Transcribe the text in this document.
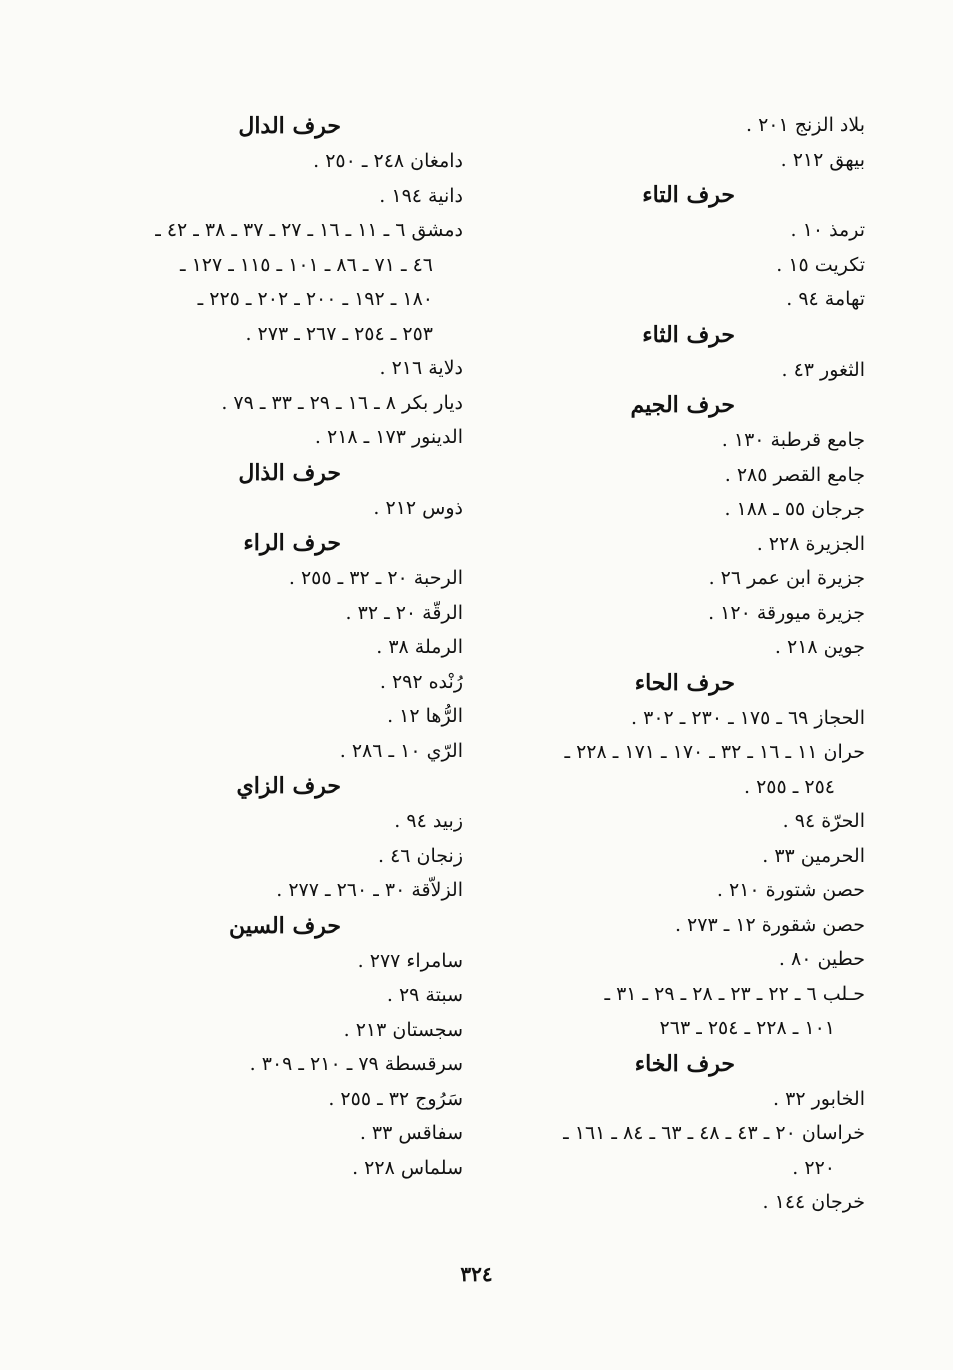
بلاد الزنج ٢٠١ .
بيهق ٢١٢ .
حرف التاء
ترمذ ١٠ .
تكريت ١٥ .
تهامة ٩٤ .
حرف الثاء
الثغور ٤٣ .
حرف الجيم
جامع قرطبة ١٣٠ .
جامع القصر ٢٨٥ .
جرجان ٥٥ ـ ١٨٨ .
الجزيرة ٢٢٨ .
جزيرة ابن عمر ٢٦ .
جزيرة ميورقة ١٢٠ .
جوين ٢١٨ .
حرف الحاء
الحجاز ٦٩ ـ ١٧٥ ـ ٢٣٠ ـ ٣٠٢ .
حران ١١ ـ ١٦ ـ ٣٢ ـ ١٧٠ ـ ١٧١ ـ ٢٢٨ ـ
٢٥٤ ـ ٢٥٥ .
الحرّة ٩٤ .
الحرمين ٣٣ .
حصن شتورة ٢١٠ .
حصن شقورة ١٢ ـ ٢٧٣ .
حطين ٨٠ .
حـلب ٦ ـ ٢٢ ـ ٢٣ ـ ٢٨ ـ ٢٩ ـ ٣١ ـ
١٠١ ـ ٢٢٨ ـ ٢٥٤ ـ ٢٦٣
حرف الخاء
الخابور ٣٢ .
خراسان ٢٠ ـ ٤٣ ـ ٤٨ ـ ٦٣ ـ ٨٤ ـ ١٦١ ـ
٢٢٠ .
خرجان ١٤٤ .
حرف الدال
دامغان ٢٤٨ ـ ٢٥٠ .
دانية ١٩٤ .
دمشق ٦ ـ ١١ ـ ١٦ ـ ٢٧ ـ ٣٧ ـ ٣٨ ـ ٤٢ ـ
٤٦ ـ ٧١ ـ ٨٦ ـ ١٠١ ـ ١١٥ ـ ١٢٧ ـ
١٨٠ ـ ١٩٢ ـ ٢٠٠ ـ ٢٠٢ ـ ٢٢٥ ـ
٢٥٣ ـ ٢٥٤ ـ ٢٦٧ ـ ٢٧٣ .
دلاية ٢١٦ .
ديار بكر ٨ ـ ١٦ ـ ٢٩ ـ ٣٣ ـ ٧٩ .
الدينور ١٧٣ ـ ٢١٨ .
حرف الذال
ذوس ٢١٢ .
حرف الراء
الرحبة ٢٠ ـ ٣٢ ـ ٢٥٥ .
الرقّة ٢٠ ـ ٣٢ .
الرملة ٣٨ .
رُنْده ٢٩٢ .
الرُّها ١٢ .
الرّي ١٠ ـ ٢٨٦ .
حرف الزاي
زبيد ٩٤ .
زنجان ٤٦ .
الزلاّقة ٣٠ ـ ٢٦٠ ـ ٢٧٧ .
حرف السين
سامراء ٢٧٧ .
سبتة ٢٩ .
سجستان ٢١٣ .
سرقسطة ٧٩ ـ ٢١٠ ـ ٣٠٩ .
سَرُوج ٣٢ ـ ٢٥٥ .
سفاقس ٣٣ .
سلماس ٢٢٨ .
٣٢٤
